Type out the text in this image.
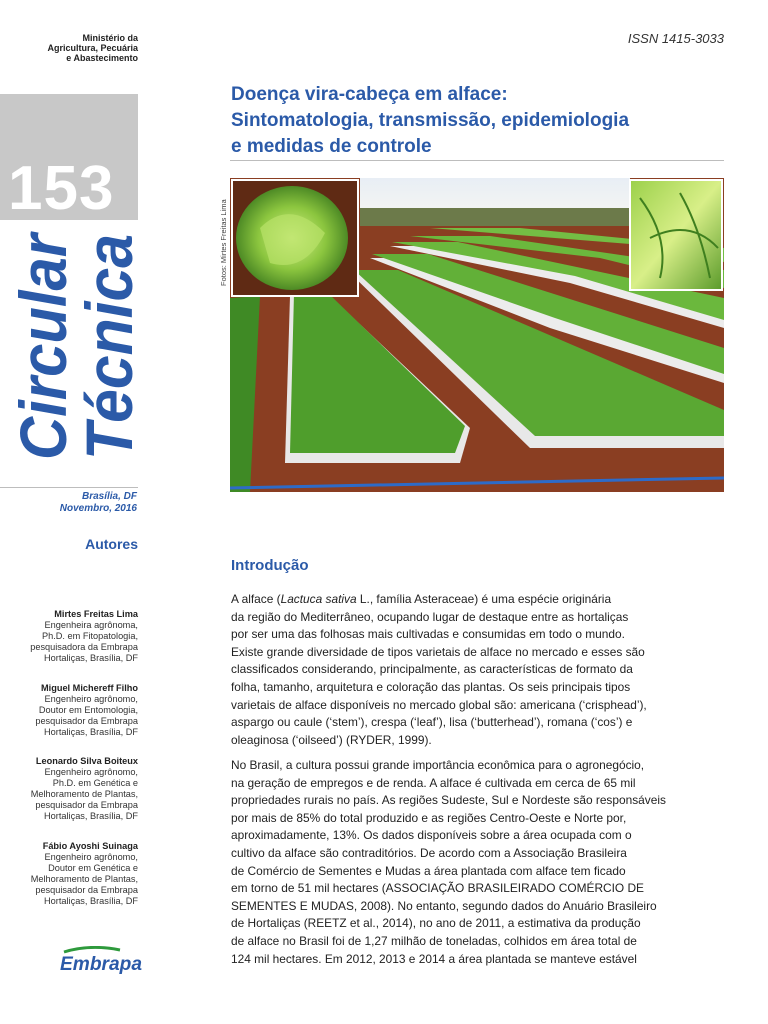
Ministério da
Agricultura, Pecuária
e Abastecimento
ISSN 1415-3033
153
Circular
Técnica
Brasília, DF
Novembro, 2016
Autores
Mirtes Freitas Lima
Engenheira agrônoma,
Ph.D. em Fitopatologia,
pesquisadora da Embrapa
Hortaliças, Brasília, DF
Miguel Michereff Filho
Engenheiro agrônomo,
Doutor em Entomologia,
pesquisador da Embrapa
Hortaliças, Brasília, DF
Leonardo Silva Boiteux
Engenheiro agrônomo,
Ph.D. em Genética e
Melhoramento de Plantas,
pesquisador da Embrapa
Hortaliças, Brasília, DF
Fábio Ayoshi Suinaga
Engenheiro agrônomo,
Doutor em Genética e
Melhoramento de Plantas,
pesquisador da Embrapa
Hortaliças, Brasília, DF
Embrapa
Doença vira-cabeça em alface:
Sintomatologia, transmissão, epidemiologia
e medidas de controle
Fotos: Mirtes Freitas Lima
Introdução

A alface (Lactuca sativa L., família Asteraceae) é uma espécie originária

da região do Mediterrâneo, ocupando lugar de destaque entre as hortaliças

por ser uma das folhosas mais cultivadas e consumidas em todo o mundo.

Existe grande diversidade de tipos varietais de alface no mercado e esses são

classificados considerando, principalmente, as características de formato da

folha, tamanho, arquitetura e coloração das plantas. Os seis principais tipos

varietais de alface disponíveis no mercado global são: americana (‘crisphead’),

aspargo ou caule (‘stem’), crespa (‘leaf’), lisa (‘butterhead’), romana (‘cos’) e

oleaginosa (‘oilseed’) (RYDER, 1999).

No Brasil, a cultura possui grande importância econômica para o agronegócio,

na geração de empregos e de renda. A alface é cultivada em cerca de 65 mil

propriedades rurais no país. As regiões Sudeste, Sul e Nordeste são responsáveis

por mais de 85% do total produzido e as regiões Centro-Oeste e Norte por,

aproximadamente, 13%. Os dados disponíveis sobre a área ocupada com o

cultivo da alface são contraditórios. De acordo com a Associação Brasileira

de Comércio de Sementes e Mudas a área plantada com alface tem ficado

em torno de 51 mil hectares (ASSOCIAÇÃO BRASILEIRADO COMÉRCIO DE

SEMENTES E MUDAS, 2008). No entanto, segundo dados do Anuário Brasileiro

de Hortaliças (REETZ et al., 2014), no ano de 2011, a estimativa da produção

de alface no Brasil foi de 1,27 milhão de toneladas, colhidos em área total de

124 mil hectares. Em 2012, 2013 e 2014 a área plantada se manteve estável
